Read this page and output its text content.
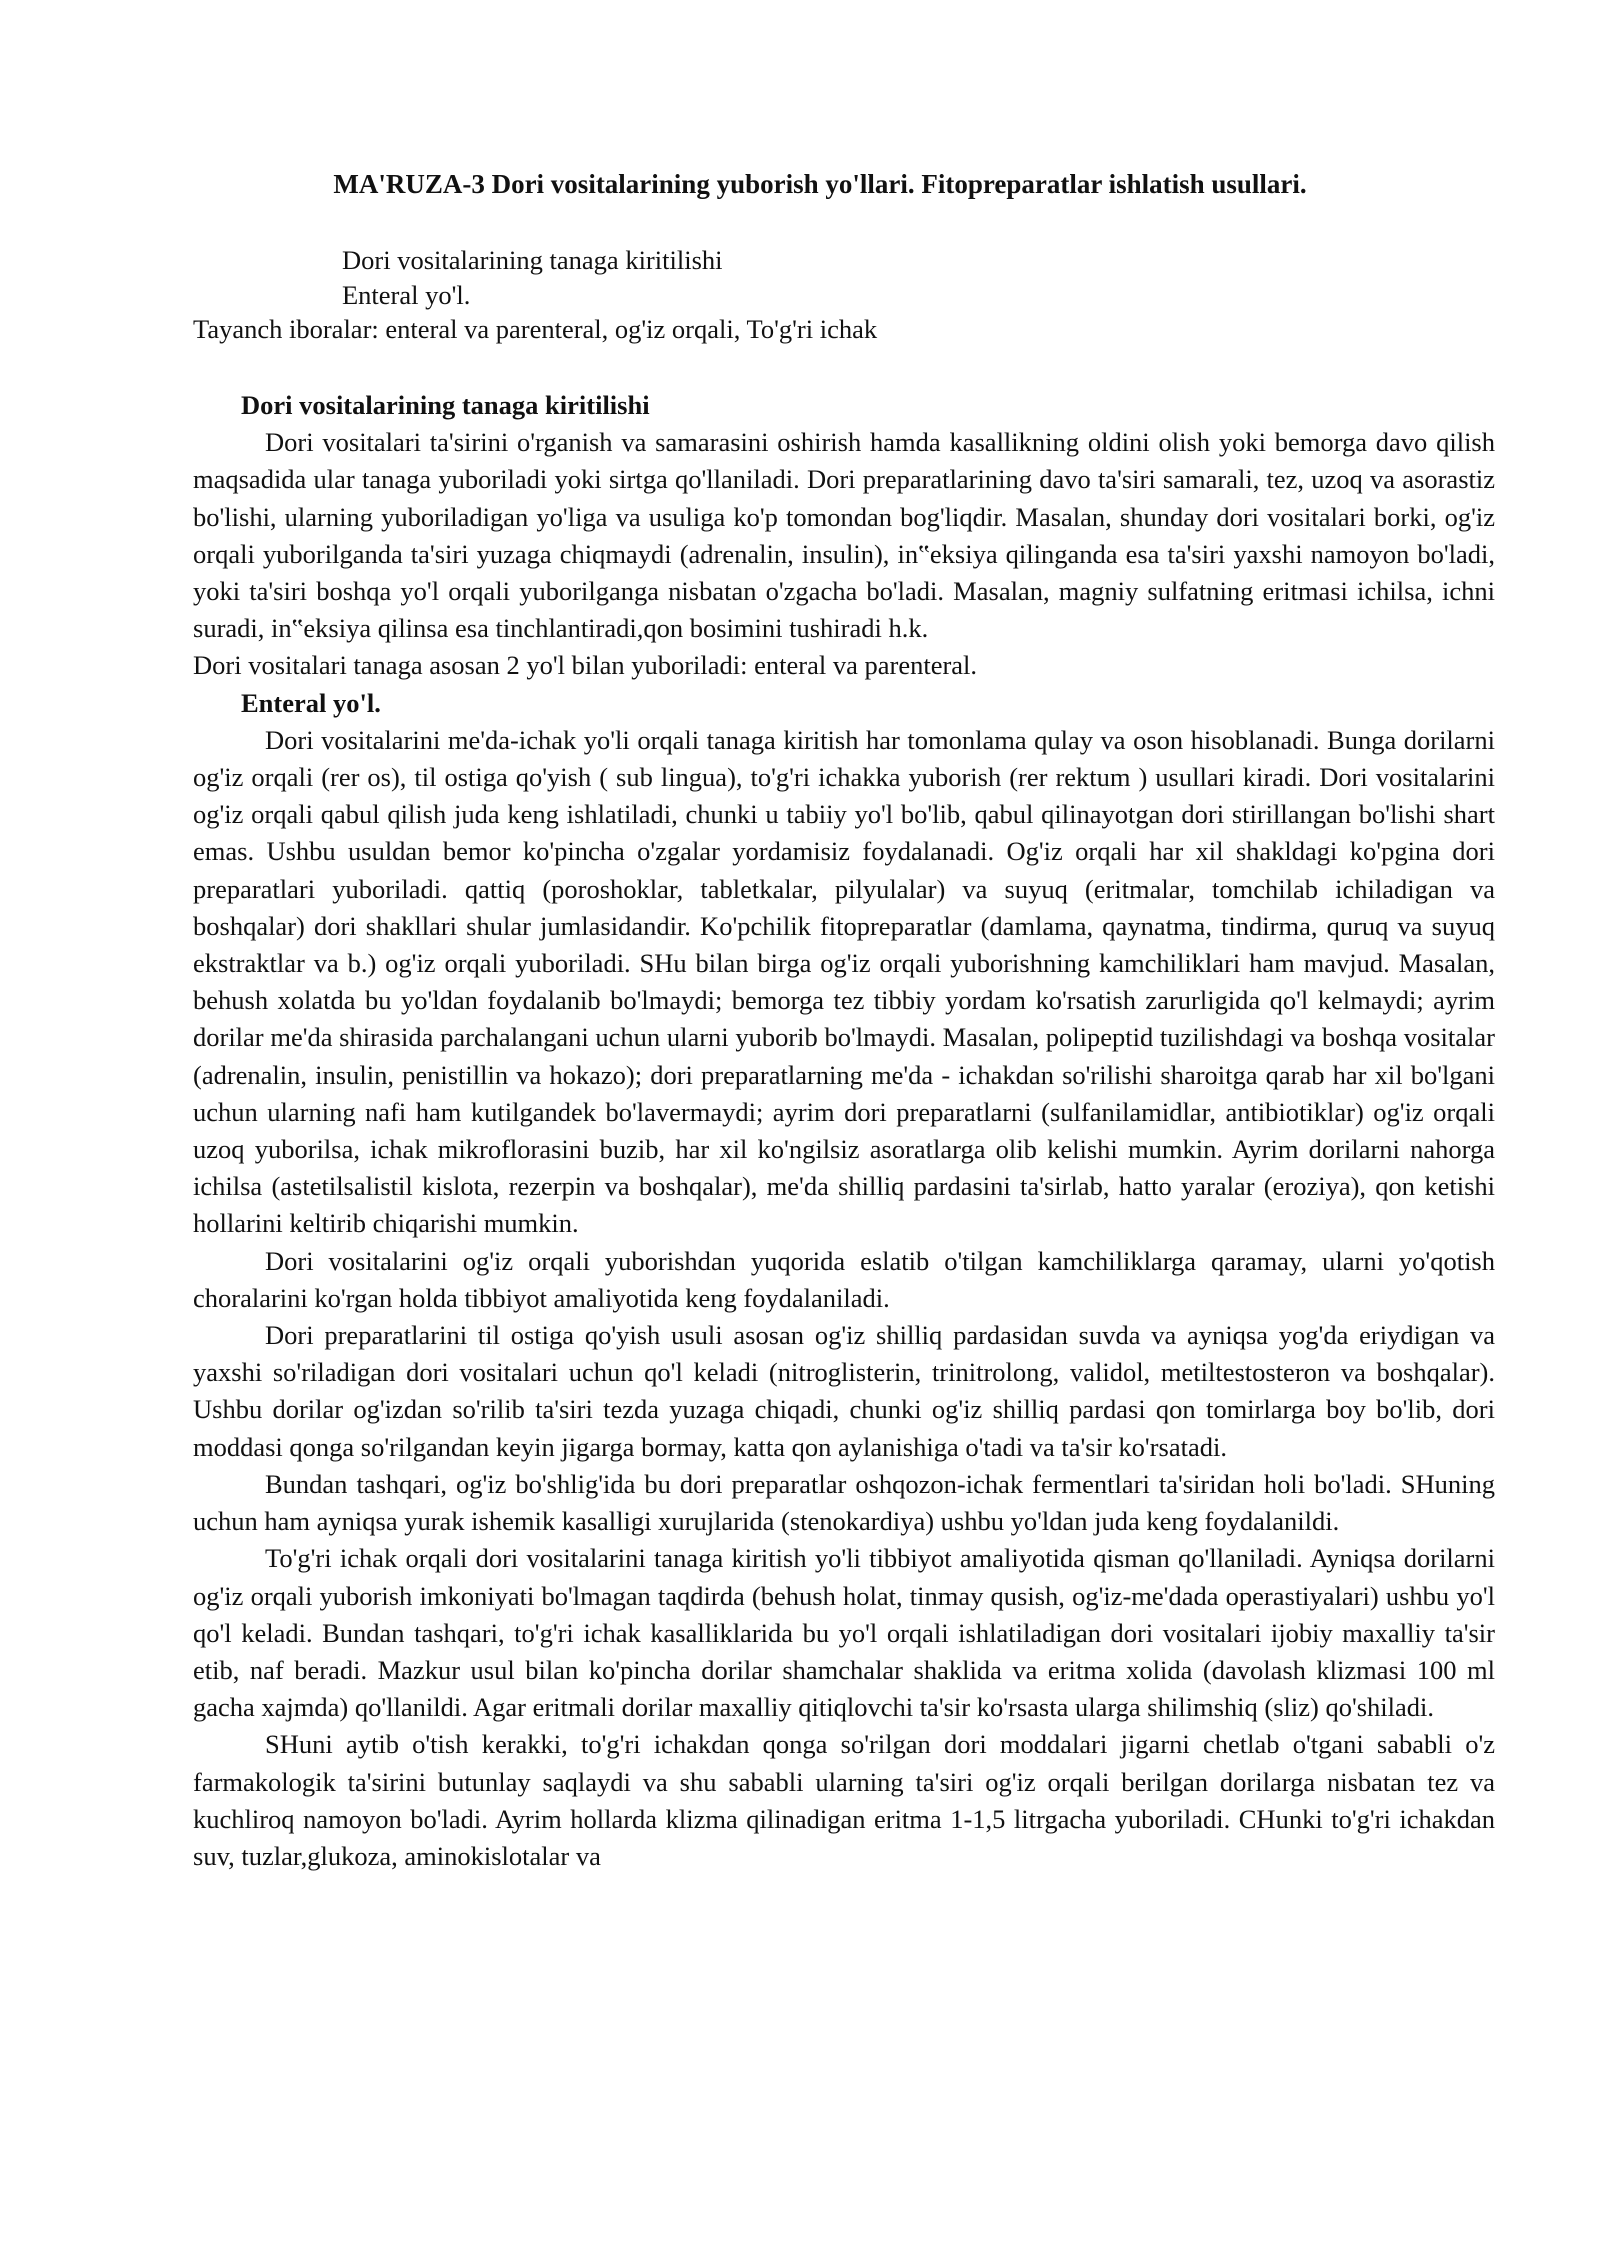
MA'RUZA-3 Dori vositalarining yuborish yo'llari. Fitopreparatlar ishlatish usullari.
Dori vositalarining tanaga kiritilishi
Enteral yo'l.
Tayanch iboralar: enteral va parenteral, og'iz orqali, To'g'ri ichak

Dori vositalarining tanaga kiritilishi

Dori vositalari ta'sirini o'rganish va samarasini oshirish hamda kasallikning oldini olish yoki bemorga davo qilish maqsadida ular tanaga yuboriladi yoki sirtga qo'llaniladi. Dori preparatlarining davo ta'siri samarali, tez, uzoq va asorastiz bo'lishi, ularning yuboriladigan yo'liga va usuliga ko'p tomondan bog'liqdir. Masalan, shunday dori vositalari borki, og'iz orqali yuborilganda ta'siri yuzaga chiqmaydi (adrenalin, insulin), in‟eksiya qilinganda esa ta'siri yaxshi namoyon bo'ladi, yoki ta'siri boshqa yo'l orqali yuborilganga nisbatan o'zgacha bo'ladi. Masalan, magniy sulfatning eritmasi ichilsa, ichni suradi, in‟eksiya qilinsa esa tinchlantiradi,qon bosimini tushiradi h.k.

Dori vositalari tanaga asosan 2 yo'l bilan yuboriladi: enteral va parenteral.

Enteral yo'l.

Dori vositalarini me'da-ichak yo'li orqali tanaga kiritish har tomonlama qulay va oson hisoblanadi. Bunga dorilarni og'iz orqali (rer os), til ostiga qo'yish ( sub lingua), to'g'ri ichakka yuborish (rer rektum ) usullari kiradi. Dori vositalarini og'iz orqali qabul qilish juda keng ishlatiladi, chunki u tabiiy yo'l bo'lib, qabul qilinayotgan dori stirillangan bo'lishi shart emas. Ushbu usuldan bemor ko'pincha o'zgalar yordamisiz foydalanadi. Og'iz orqali har xil shakldagi ko'pgina dori preparatlari yuboriladi. qattiq (poroshoklar, tabletkalar, pilyulalar) va suyuq (eritmalar, tomchilab ichiladigan va boshqalar) dori shakllari shular jumlasidandir. Ko'pchilik fitopreparatlar (damlama, qaynatma, tindirma, quruq va suyuq ekstraktlar va b.) og'iz orqali yuboriladi. SHu bilan birga og'iz orqali yuborishning kamchiliklari ham mavjud. Masalan, behush xolatda bu yo'ldan foydalanib bo'lmaydi; bemorga tez tibbiy yordam ko'rsatish zarurligida qo'l kelmaydi; ayrim dorilar me'da shirasida parchalangani uchun ularni yuborib bo'lmaydi. Masalan, polipeptid tuzilishdagi va boshqa vositalar (adrenalin, insulin, penistillin va hokazo); dori preparatlarning me'da - ichakdan so'rilishi sharoitga qarab har xil bo'lgani uchun ularning nafi ham kutilgandek bo'lavermaydi; ayrim dori preparatlarni (sulfanilamidlar, antibiotiklar) og'iz orqali uzoq yuborilsa, ichak mikroflorasini buzib, har xil ko'ngilsiz asoratlarga olib kelishi mumkin. Ayrim dorilarni nahorga ichilsa (astetilsalistil kislota, rezerpin va boshqalar), me'da shilliq pardasini ta'sirlab, hatto yaralar (eroziya), qon ketishi hollarini keltirib chiqarishi mumkin.

Dori vositalarini og'iz orqali yuborishdan yuqorida eslatib o'tilgan kamchiliklarga qaramay, ularni yo'qotish choralarini ko'rgan holda tibbiyot amaliyotida keng foydalaniladi.

Dori preparatlarini til ostiga qo'yish usuli asosan og'iz shilliq pardasidan suvda va ayniqsa yog'da eriydigan va yaxshi so'riladigan dori vositalari uchun qo'l keladi (nitroglisterin, trinitrolong, validol, metiltestosteron va boshqalar). Ushbu dorilar og'izdan so'rilib ta'siri tezda yuzaga chiqadi, chunki og'iz shilliq pardasi qon tomirlarga boy bo'lib, dori moddasi qonga so'rilgandan keyin jigarga bormay, katta qon aylanishiga o'tadi va ta'sir ko'rsatadi.

Bundan tashqari, og'iz bo'shlig'ida bu dori preparatlar oshqozon-ichak fermentlari ta'siridan holi bo'ladi. SHuning uchun ham ayniqsa yurak ishemik kasalligi xurujlarida (stenokardiya) ushbu yo'ldan juda keng foydalanildi.

To'g'ri ichak orqali dori vositalarini tanaga kiritish yo'li tibbiyot amaliyotida qisman qo'llaniladi. Ayniqsa dorilarni og'iz orqali yuborish imkoniyati bo'lmagan taqdirda (behush holat, tinmay qusish, og'iz-me'dada operastiyalari) ushbu yo'l qo'l keladi. Bundan tashqari, to'g'ri ichak kasalliklarida bu yo'l orqali ishlatiladigan dori vositalari ijobiy maxalliy ta'sir etib, naf beradi. Mazkur usul bilan ko'pincha dorilar shamchalar shaklida va eritma xolida (davolash klizmasi 100 ml gacha xajmda) qo'llanildi. Agar eritmali dorilar maxalliy qitiqlovchi ta'sir ko'rsasta ularga shilimshiq (sliz) qo'shiladi.

SHuni aytib o'tish kerakki, to'g'ri ichakdan qonga so'rilgan dori moddalari jigarni chetlab o'tgani sababli o'z farmakologik ta'sirini butunlay saqlaydi va shu sababli ularning ta'siri og'iz orqali berilgan dorilarga nisbatan tez va kuchliroq namoyon bo'ladi. Ayrim hollarda klizma qilinadigan eritma 1-1,5 litrgacha yuboriladi. CHunki to'g'ri ichakdan suv, tuzlar,glukoza, aminokislotalar va
